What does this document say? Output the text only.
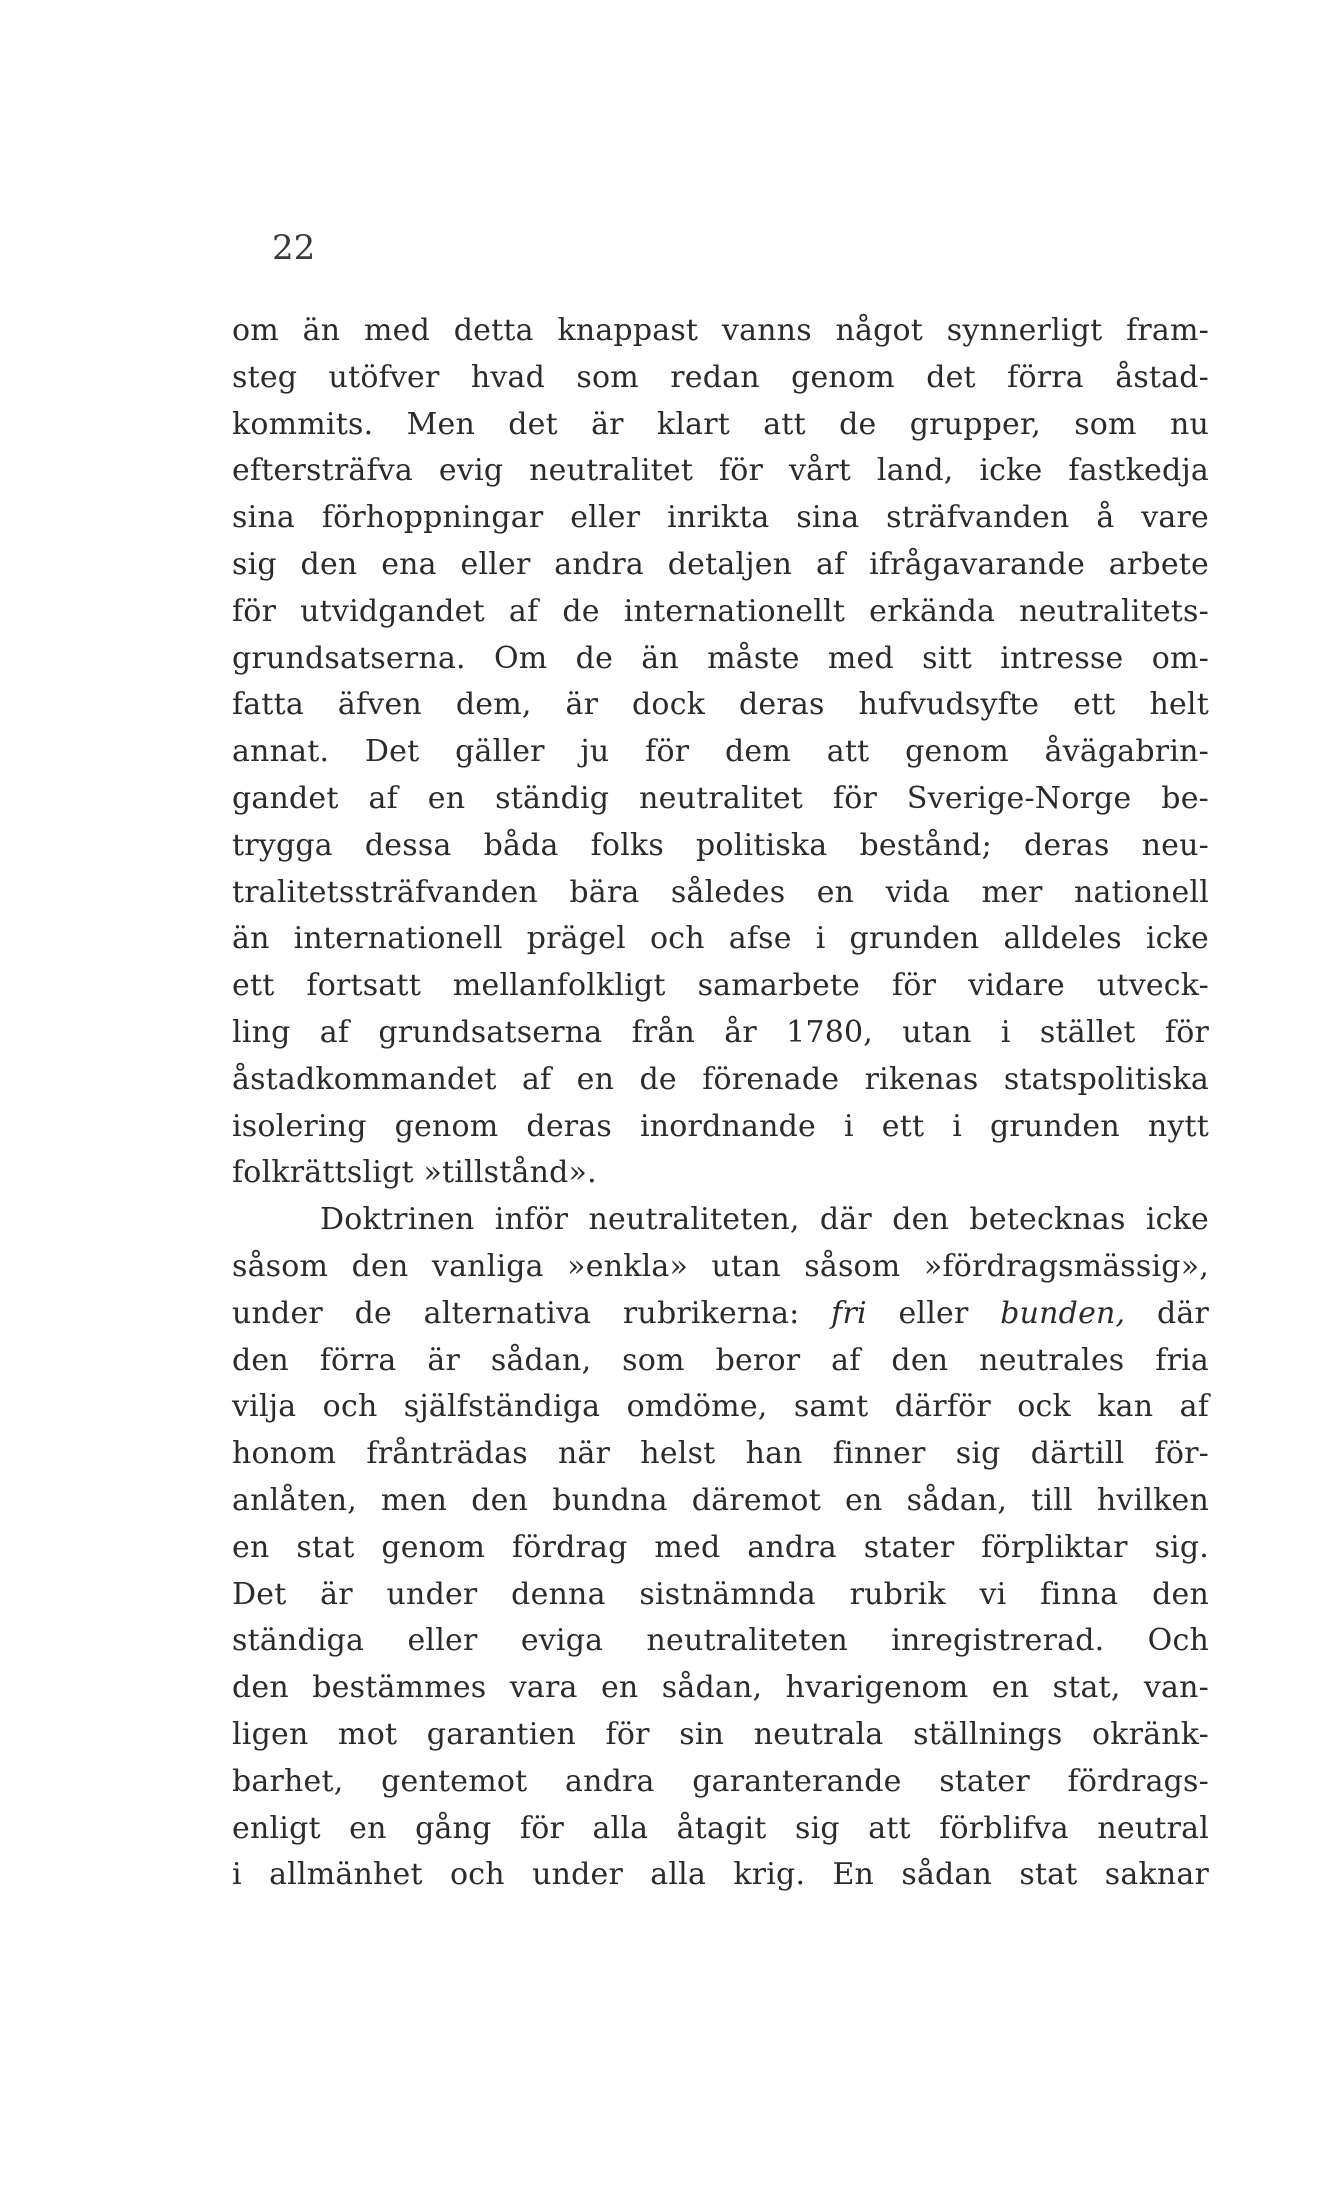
22
om än med detta knappast vanns något synnerligt fram-
steg utöfver hvad som redan genom det förra åstad-
kommits. Men det är klart att de grupper, som nu
eftersträfva evig neutralitet för vårt land, icke fastkedja
sina förhoppningar eller inrikta sina sträfvanden å vare
sig den ena eller andra detaljen af ifrågavarande arbete
för utvidgandet af de internationellt erkända neutralitets-
grundsatserna. Om de än måste med sitt intresse om-
fatta äfven dem, är dock deras hufvudsyfte ett helt
annat. Det gäller ju för dem att genom åvägabrin-
gandet af en ständig neutralitet för Sverige-Norge be-
trygga dessa båda folks politiska bestånd; deras neu-
tralitetssträfvanden bära således en vida mer nationell
än internationell prägel och afse i grunden alldeles icke
ett fortsatt mellanfolkligt samarbete för vidare utveck-
ling af grundsatserna från år 1780, utan i stället för
åstadkommandet af en de förenade rikenas statspolitiska
isolering genom deras inordnande i ett i grunden nytt
folkrättsligt »tillstånd».
Doktrinen inför neutraliteten, där den betecknas icke
såsom den vanliga »enkla» utan såsom »fördragsmässig»,
under de alternativa rubrikerna: fri eller bunden, där
den förra är sådan, som beror af den neutrales fria
vilja och själfständiga omdöme, samt därför ock kan af
honom frånträdas när helst han finner sig därtill för-
anlåten, men den bundna däremot en sådan, till hvilken
en stat genom fördrag med andra stater förpliktar sig.
Det är under denna sistnämnda rubrik vi finna den
ständiga eller eviga neutraliteten inregistrerad. Och
den bestämmes vara en sådan, hvarigenom en stat, van-
ligen mot garantien för sin neutrala ställnings okränk-
barhet, gentemot andra garanterande stater fördrags-
enligt en gång för alla åtagit sig att förblifva neutral
i allmänhet och under alla krig. En sådan stat saknar
